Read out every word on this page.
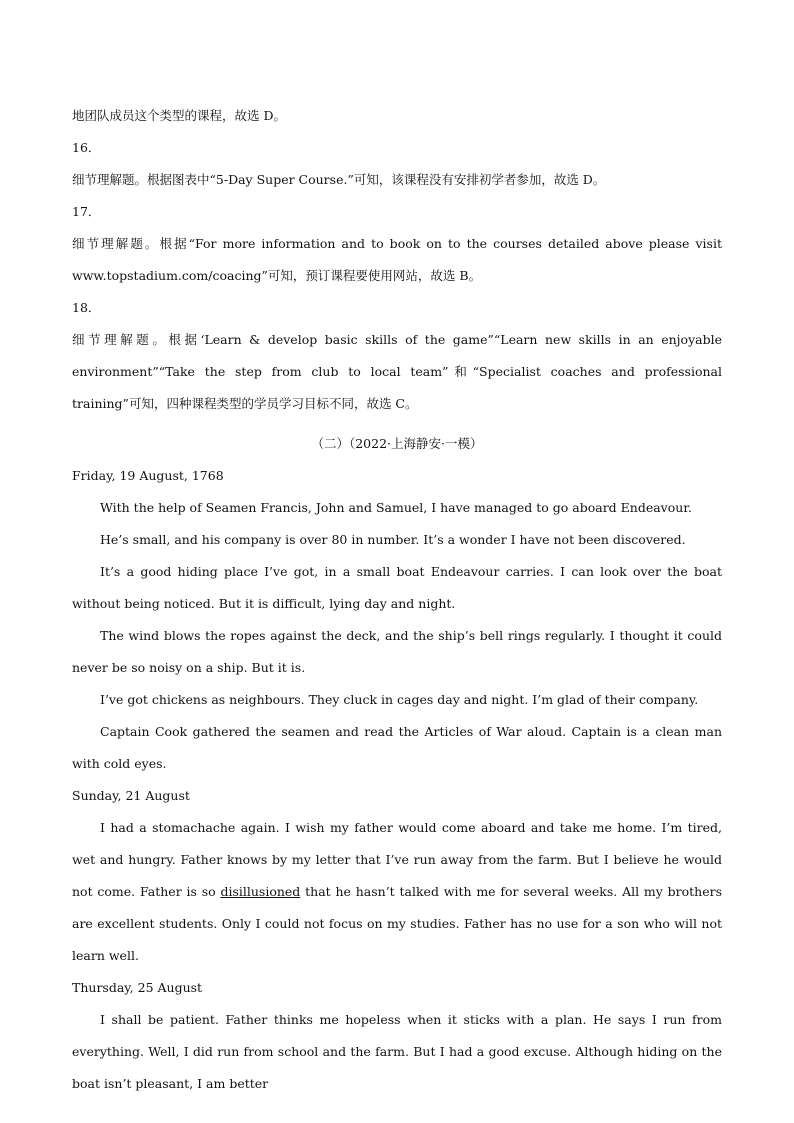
地团队成员这个类型的课程，故选 D。

16．

细节理解题。根据图表中“5-Day Super Course.”可知，该课程没有安排初学者参加，故选 D。

17．

细节理解题。根据“For more information and to book on to the courses detailed above please visit www.topstadium.com/coacing”可知，预订课程要使用网站，故选 B。

18．

细节理解题。根据‘Learn & develop basic skills of the game”“Learn new skills in an enjoyable environment”“Take the step from club to local team”和“Specialist coaches and professional training”可知，四种课程类型的学员学习目标不同，故选 C。

（二）（2022·上海静安·一模）

Friday, 19 August, 1768

With the help of Seamen Francis, John and Samuel, I have managed to go aboard Endeavour.

He’s small, and his company is over 80 in number. It’s a wonder I have not been discovered.

It’s a good hiding place I’ve got, in a small boat Endeavour carries. I can look over the boat without being noticed. But it is difficult, lying day and night.

The wind blows the ropes against the deck, and the ship’s bell rings regularly. I thought it could never be so noisy on a ship. But it is.

I’ve got chickens as neighbours. They cluck in cages day and night. I’m glad of their company.

Captain Cook gathered the seamen and read the Articles of War aloud. Captain is a clean man with cold eyes.

Sunday, 21 August

I had a stomachache again. I wish my father would come aboard and take me home. I’m tired, wet and hungry. Father knows by my letter that I’ve run away from the farm. But I believe he would not come. Father is so disillusioned that he hasn’t talked with me for several weeks. All my brothers are excellent students. Only I could not focus on my studies. Father has no use for a son who will not learn well.

Thursday, 25 August

I shall be patient. Father thinks me hopeless when it sticks with a plan. He says I run from everything. Well, I did run from school and the farm. But I had a good excuse. Although hiding on the boat isn’t pleasant, I am better
